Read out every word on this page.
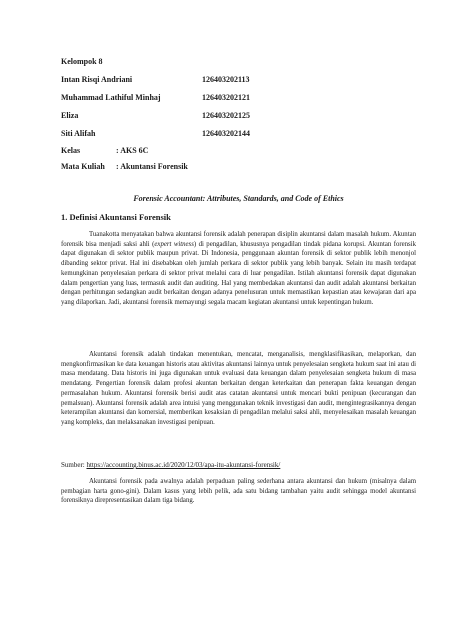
Kelompok 8
Intan Risqi Andriani	126403202113
Muhammad Lathiful Minhaj	126403202121
Eliza	126403202125
Siti Alifah	126403202144
Kelas	: AKS 6C
Mata Kuliah : Akuntansi Forensik
Forensic Accountant: Attributes, Standards, and Code of Ethics
1. Definisi Akuntansi Forensik

Tuanakotta menyatakan bahwa akuntansi forensik adalah penerapan disiplin akuntansi dalam masalah hukum. Akuntan forensik bisa menjadi saksi ahli (expert witness) di pengadilan, khususnya pengadilan tindak pidana korupsi. Akuntan forensik dapat digunakan di sektor publik maupun privat. Di Indonesia, penggunaan akuntan forensik di sektor publik lebih menonjol dibanding sektor privat. Hal ini disebabkan oleh jumlah perkara di sektor publik yang lebih banyak. Selain itu masih terdapat kemungkinan penyelesaian perkara di sektor privat melalui cara di luar pengadilan. Istilah akuntansi forensik dapat digunakan dalam pengertian yang luas, termasuk audit dan auditing. Hal yang membedakan akuntansi dan audit adalah akuntansi berkaitan dengan perhitungan sedangkan audit berkaitan dengan adanya penelusuran untuk memastikan kepastian atau kewajaran dari apa yang dilaporkan. Jadi, akuntansi forensik memayungi segala macam kegiatan akuntansi untuk kepentingan hukum.

Akuntansi forensik adalah tindakan menentukan, mencatat, menganalisis, mengklasifikasikan, melaporkan, dan mengkonfirmasikan ke data keuangan historis atau aktivitas akuntansi lainnya untuk penyelesaian sengketa hukum saat ini atau di masa mendatang. Data historis ini juga digunakan untuk evaluasi data keuangan dalam penyelesaian sengketa hukum di masa mendatang. Pengertian forensik dalam profesi akuntan berkaitan dengan keterkaitan dan penerapan fakta keuangan dengan permasalahan hukum. Akuntansi forensik berisi audit atas catatan akuntansi untuk mencari bukti penipuan (kecurangan dan pemalsuan). Akuntansi forensik adalah area intuisi yang menggunakan teknik investigasi dan audit, mengintegrasikannya dengan keterampilan akuntansi dan komersial, memberikan kesaksian di pengadilan melalui saksi ahli, menyelesaikan masalah keuangan yang kompleks, dan melaksanakan investigasi penipuan.

Sumber: https://accounting.binus.ac.id/2020/12/03/apa-itu-akuntansi-forensik/

Akuntansi forensik pada awalnya adalah perpaduan paling sederhana antara akuntansi dan hukum (misalnya dalam pembagian harta gono-gini). Dalam kasus yang lebih pelik, ada satu bidang tambahan yaitu audit sehingga model akuntansi forensiknya direpresentasikan dalam tiga bidang.
